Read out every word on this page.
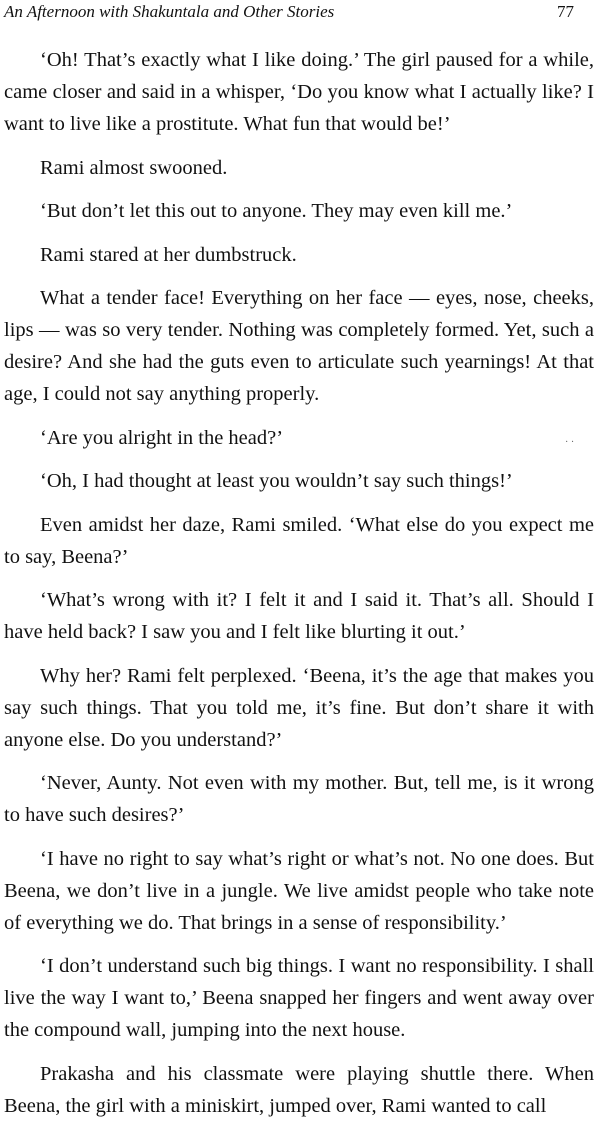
An Afternoon with Shakuntala and Other Stories	77

‘Oh! That’s exactly what I like doing.’ The girl paused for a while, came closer and said in a whisper, ‘Do you know what I actually like? I want to live like a prostitute. What fun that would be!’

Rami almost swooned.

‘But don’t let this out to anyone. They may even kill me.’

Rami stared at her dumbstruck.

What a tender face! Everything on her face — eyes, nose, cheeks, lips — was so very tender. Nothing was completely formed. Yet, such a desire? And she had the guts even to articulate such yearnings! At that age, I could not say anything properly.

‘Are you alright in the head?’

‘Oh, I had thought at least you wouldn’t say such things!’

Even amidst her daze, Rami smiled. ‘What else do you expect me to say, Beena?’

‘What’s wrong with it? I felt it and I said it. That’s all. Should I have held back? I saw you and I felt like blurting it out.’

Why her? Rami felt perplexed. ‘Beena, it’s the age that makes you say such things. That you told me, it’s fine. But don’t share it with anyone else. Do you understand?’

‘Never, Aunty. Not even with my mother. But, tell me, is it wrong to have such desires?’

‘I have no right to say what’s right or what’s not. No one does. But Beena, we don’t live in a jungle. We live amidst people who take note of everything we do. That brings in a sense of responsibility.’

‘I don’t understand such big things. I want no responsibility. I shall live the way I want to,’ Beena snapped her fingers and went away over the compound wall, jumping into the next house.

Prakasha and his classmate were playing shuttle there. When Beena, the girl with a miniskirt, jumped over, Rami wanted to call

· ·
